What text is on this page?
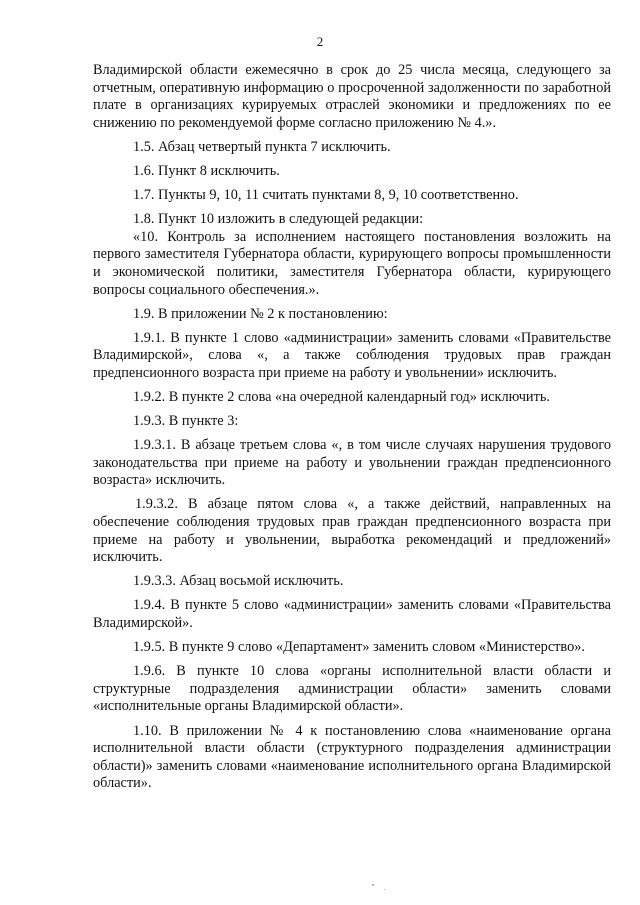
2

Владимирской области ежемесячно в срок до 25 числа месяца, следующего за отчетным, оперативную информацию о просроченной задолженности по заработной плате в организациях курируемых отраслей экономики и предложениях по ее снижению по рекомендуемой форме согласно приложению № 4.».

1.5. Абзац четвертый пункта 7 исключить.

1.6. Пункт 8 исключить.

1.7. Пункты 9, 10, 11 считать пунктами 8, 9, 10 соответственно.

1.8. Пункт 10 изложить в следующей редакции:

«10. Контроль за исполнением настоящего постановления возложить на первого заместителя Губернатора области, курирующего вопросы промышленности и экономической политики, заместителя Губернатора области, курирующего вопросы социального обеспечения.».

1.9. В приложении № 2 к постановлению:

1.9.1. В пункте 1 слово «администрации» заменить словами «Правительстве Владимирской», слова «, а также соблюдения трудовых прав граждан предпенсионного возраста при приеме на работу и увольнении» исключить.

1.9.2. В пункте 2 слова «на очередной календарный год» исключить.

1.9.3. В пункте 3:

1.9.3.1. В абзаце третьем слова «, в том числе случаях нарушения трудового законодательства при приеме на работу и увольнении граждан предпенсионного возраста» исключить.

1.9.3.2. В абзаце пятом слова «, а также действий, направленных на обеспечение соблюдения трудовых прав граждан предпенсионного возраста при приеме на работу и увольнении, выработка рекомендаций и предложений» исключить.

1.9.3.3. Абзац восьмой исключить.

1.9.4. В пункте 5 слово «администрации» заменить словами «Правительства Владимирской».

1.9.5. В пункте 9 слово «Департамент» заменить словом «Министерство».

1.9.6. В пункте 10 слова «органы исполнительной власти области и структурные подразделения администрации области» заменить словами «исполнительные органы Владимирской области».

1.10. В приложении № 4 к постановлению слова «наименование органа исполнительной власти области (структурного подразделения администрации области)» заменить словами «наименование исполнительного органа Владимирской области».
